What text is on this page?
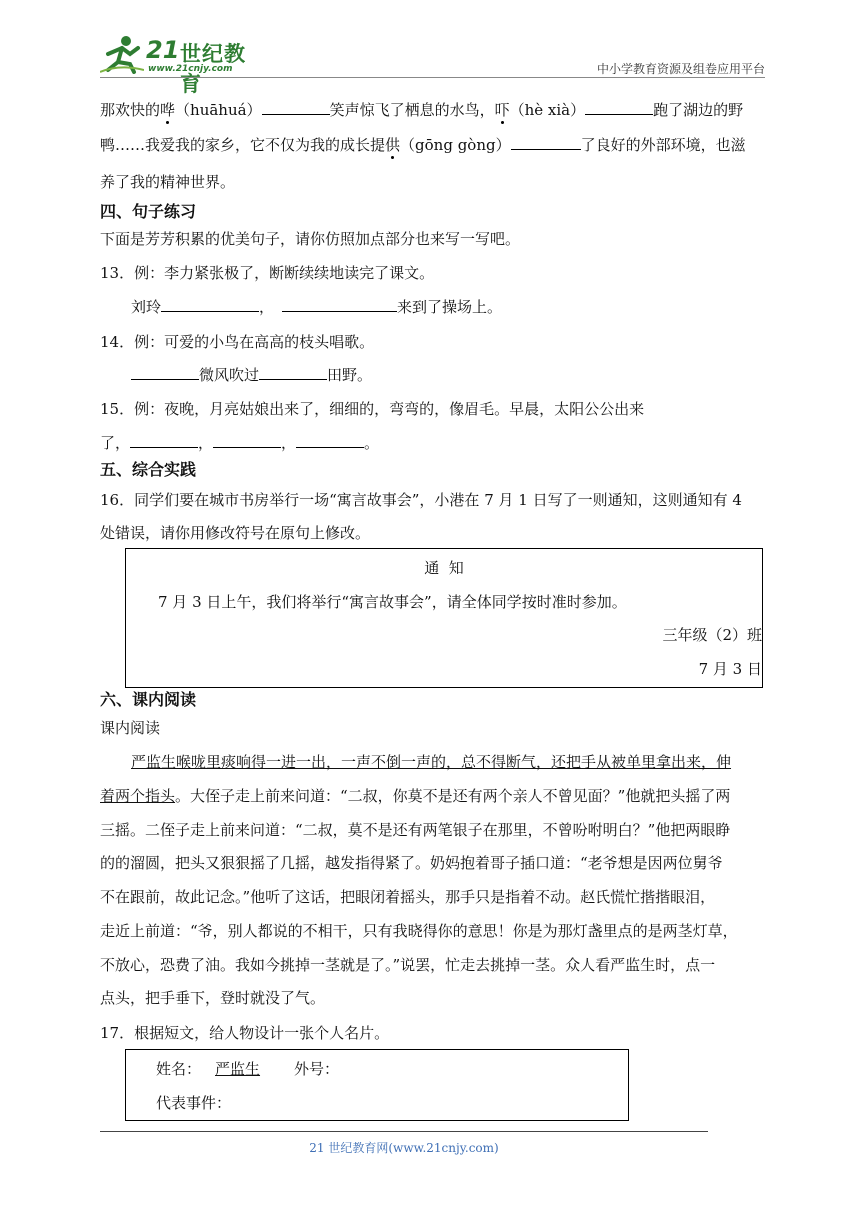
21 世纪教育
www.21cnjy.com	中小学教育资源及组卷应用平台
那欢快的哗（huāhuá）	笑声惊飞了栖息的水鸟，吓（hè xià）	跑了湖边的野
鸭……我爱我的家乡，它不仅为我的成长提供（gōng gòng）	了良好的外部环境，也滋
养了我的精神世界。
四、句子练习
下面是芳芳积累的优美句子，请你仿照加点部分也来写一写吧。
13．例：李力紧张极了，断断续续地读完了课文。
刘玲	，	来到了操场上。
14．例：可爱的小鸟在高高的枝头唱歌。
微风吹过	田野。
15．例：夜晚，月亮姑娘出来了，细细的，弯弯的，像眉毛。早晨，太阳公公出来
了，	，	，	。
五、综合实践
16．同学们要在城市书房举行一场“寓言故事会”，小港在 7 月 1 日写了一则通知，这则通知有 4
处错误，请你用修改符号在原句上修改。
通  知
7 月 3 日上午，我们将举行“寓言故事会”，请全体同学按时准时参加。
三年级（2）班
7 月 3 日
六、课内阅读
课内阅读
严监生喉咙里痰响得一进一出，一声不倒一声的，总不得断气，还把手从被单里拿出来，伸
着两个指头。大侄子走上前来问道：“二叔，你莫不是还有两个亲人不曾见面？”他就把头摇了两
三摇。二侄子走上前来问道：“二叔，莫不是还有两笔银子在那里，不曾吩咐明白？”他把两眼睁
的的溜圆，把头又狠狠摇了几摇，越发指得紧了。奶妈抱着哥子插口道：“老爷想是因两位舅爷
不在跟前，故此记念。”他听了这话，把眼闭着摇头，那手只是指着不动。赵氏慌忙揩揩眼泪，
走近上前道：“爷，别人都说的不相干，只有我晓得你的意思！你是为那灯盏里点的是两茎灯草，
不放心，恐费了油。我如今挑掉一茎就是了。”说罢，忙走去挑掉一茎。众人看严监生时，点一
点头，把手垂下，登时就没了气。
17．根据短文，给人物设计一张个人名片。
姓名： 严监生 外号：
代表事件：
21 世纪教育网(www.21cnjy.com)
